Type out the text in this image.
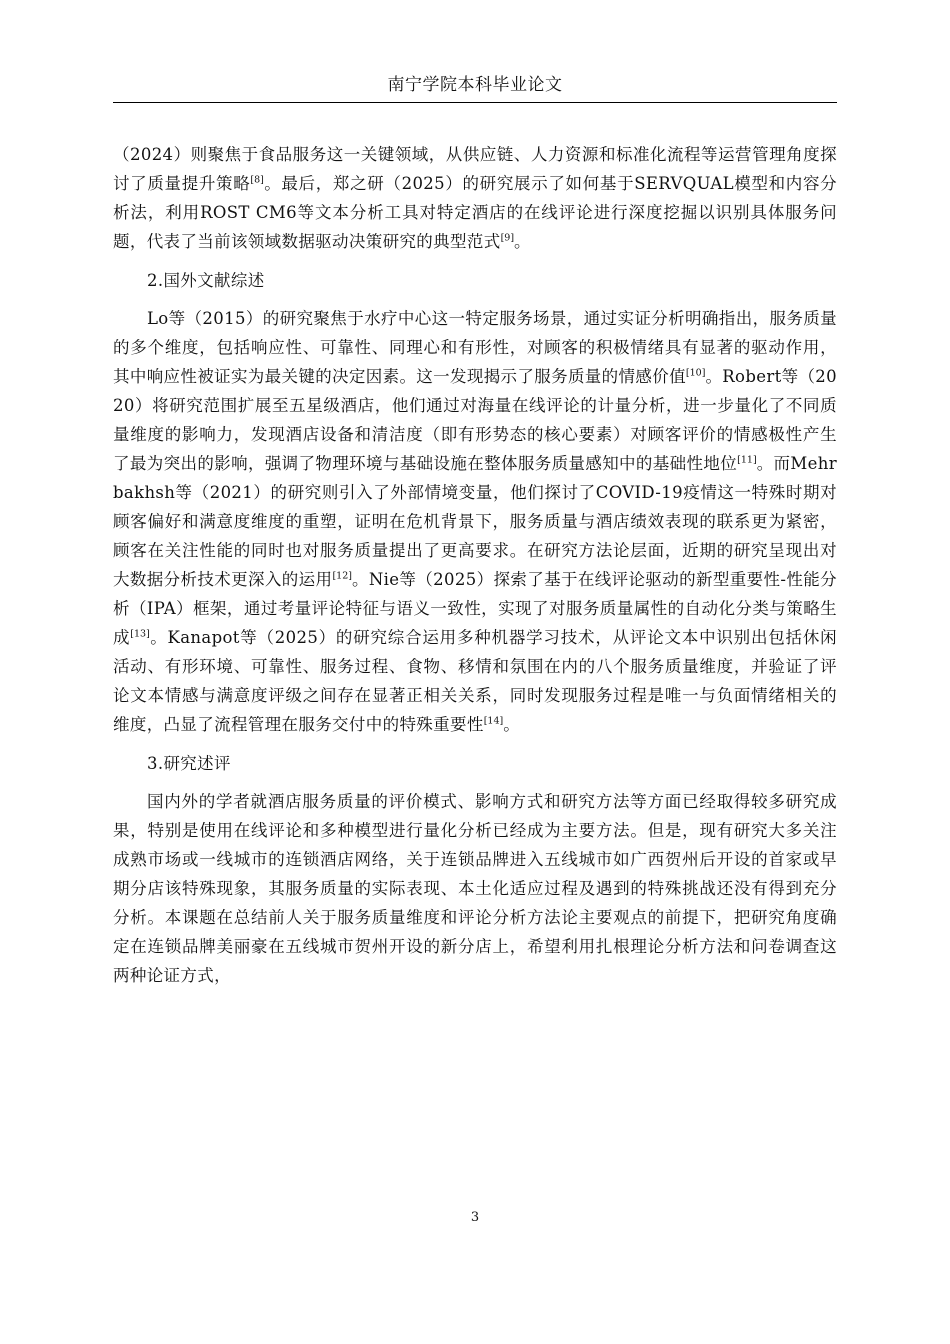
南宁学院本科毕业论文

（2024）则聚焦于食品服务这一关键领域，从供应链、人力资源和标准化流程等运营管理角度探讨了质量提升策略[8]。最后，郑之研（2025）的研究展示了如何基于SERVQUAL模型和内容分析法，利用ROST CM6等文本分析工具对特定酒店的在线评论进行深度挖掘以识别具体服务问题，代表了当前该领域数据驱动决策研究的典型范式[9]。

2.国外文献综述

Lo等（2015）的研究聚焦于水疗中心这一特定服务场景，通过实证分析明确指出，服务质量的多个维度，包括响应性、可靠性、同理心和有形性，对顾客的积极情绪具有显著的驱动作用，其中响应性被证实为最关键的决定因素。这一发现揭示了服务质量的情感价值[10]。Robert等（2020）将研究范围扩展至五星级酒店，他们通过对海量在线评论的计量分析，进一步量化了不同质量维度的影响力，发现酒店设备和清洁度（即有形势态的核心要素）对顾客评价的情感极性产生了最为突出的影响，强调了物理环境与基础设施在整体服务质量感知中的基础性地位[11]。而Mehrbakhsh等（2021）的研究则引入了外部情境变量，他们探讨了COVID-19疫情这一特殊时期对顾客偏好和满意度维度的重塑，证明在危机背景下，服务质量与酒店绩效表现的联系更为紧密，顾客在关注性能的同时也对服务质量提出了更高要求。在研究方法论层面，近期的研究呈现出对大数据分析技术更深入的运用[12]。Nie等（2025）探索了基于在线评论驱动的新型重要性-性能分析（IPA）框架，通过考量评论特征与语义一致性，实现了对服务质量属性的自动化分类与策略生成[13]。Kanapot等（2025）的研究综合运用多种机器学习技术，从评论文本中识别出包括休闲活动、有形环境、可靠性、服务过程、食物、移情和氛围在内的八个服务质量维度，并验证了评论文本情感与满意度评级之间存在显著正相关关系，同时发现服务过程是唯一与负面情绪相关的维度，凸显了流程管理在服务交付中的特殊重要性[14]。

3.研究述评

国内外的学者就酒店服务质量的评价模式、影响方式和研究方法等方面已经取得较多研究成果，特别是使用在线评论和多种模型进行量化分析已经成为主要方法。但是，现有研究大多关注成熟市场或一线城市的连锁酒店网络，关于连锁品牌进入五线城市如广西贺州后开设的首家或早期分店该特殊现象，其服务质量的实际表现、本土化适应过程及遇到的特殊挑战还没有得到充分分析。本课题在总结前人关于服务质量维度和评论分析方法论主要观点的前提下，把研究角度确定在连锁品牌美丽豪在五线城市贺州开设的新分店上，希望利用扎根理论分析方法和问卷调查这两种论证方式，

3
